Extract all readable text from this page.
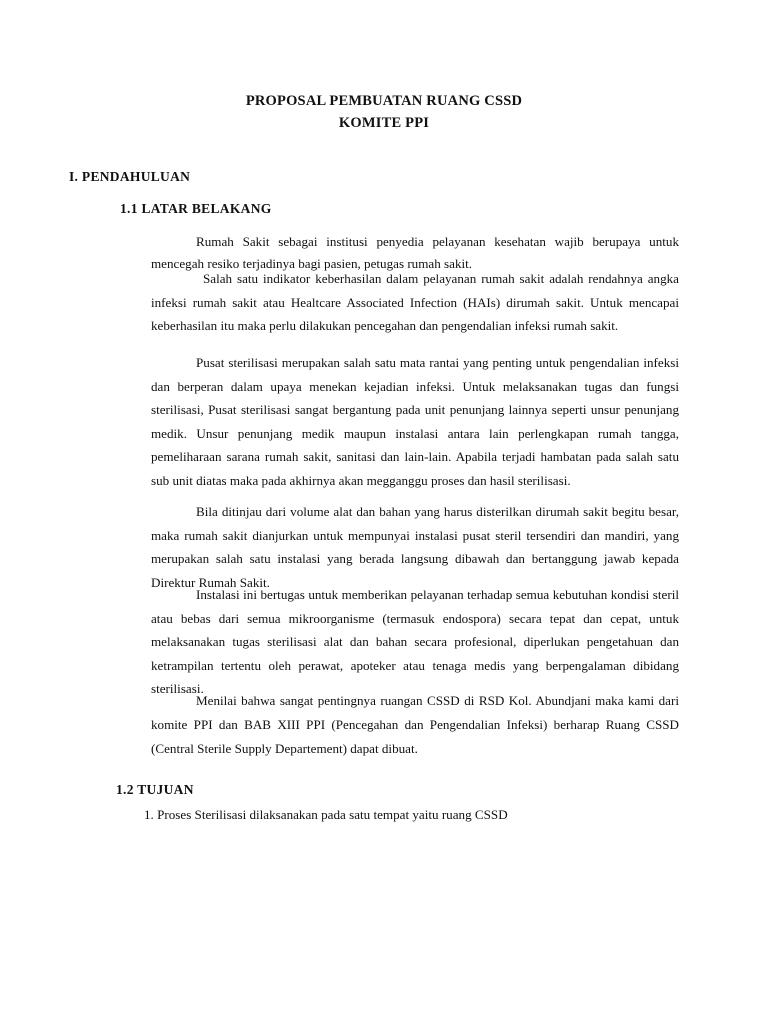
PROPOSAL PEMBUATAN RUANG CSSD
KOMITE PPI
I. PENDAHULUAN
1.1 LATAR BELAKANG

Rumah Sakit sebagai institusi penyedia pelayanan kesehatan wajib berupaya untuk mencegah resiko terjadinya bagi pasien, petugas rumah sakit.

Salah satu indikator keberhasilan dalam pelayanan rumah sakit adalah rendahnya angka infeksi rumah sakit atau Healtcare Associated Infection (HAIs) dirumah sakit. Untuk mencapai keberhasilan itu maka perlu dilakukan pencegahan dan pengendalian infeksi rumah sakit.

Pusat sterilisasi merupakan salah satu mata rantai yang penting untuk pengendalian infeksi dan berperan dalam upaya menekan kejadian infeksi. Untuk melaksanakan tugas dan fungsi sterilisasi, Pusat sterilisasi sangat bergantung pada unit penunjang lainnya seperti unsur penunjang medik. Unsur penunjang medik maupun instalasi antara lain perlengkapan rumah tangga, pemeliharaan sarana rumah sakit, sanitasi dan lain-lain. Apabila terjadi hambatan pada salah satu sub unit diatas maka pada akhirnya akan megganggu proses dan hasil sterilisasi.

Bila ditinjau dari volume alat dan bahan yang harus disterilkan dirumah sakit begitu besar, maka rumah sakit dianjurkan untuk mempunyai instalasi pusat steril tersendiri dan mandiri, yang merupakan salah satu instalasi yang berada langsung dibawah dan bertanggung jawab kepada Direktur Rumah Sakit.

Instalasi ini bertugas untuk memberikan pelayanan terhadap semua kebutuhan kondisi steril atau bebas dari semua mikroorganisme (termasuk endospora) secara tepat dan cepat, untuk melaksanakan tugas sterilisasi alat dan bahan secara profesional, diperlukan pengetahuan dan ketrampilan tertentu oleh perawat, apoteker atau tenaga medis yang berpengalaman dibidang sterilisasi.

Menilai bahwa sangat pentingnya ruangan CSSD di RSD Kol. Abundjani maka kami dari komite PPI dan BAB XIII PPI (Pencegahan dan Pengendalian Infeksi) berharap Ruang CSSD (Central Sterile Supply Departement) dapat dibuat.

1.2 TUJUAN
1. Proses Sterilisasi dilaksanakan pada satu tempat yaitu ruang CSSD
